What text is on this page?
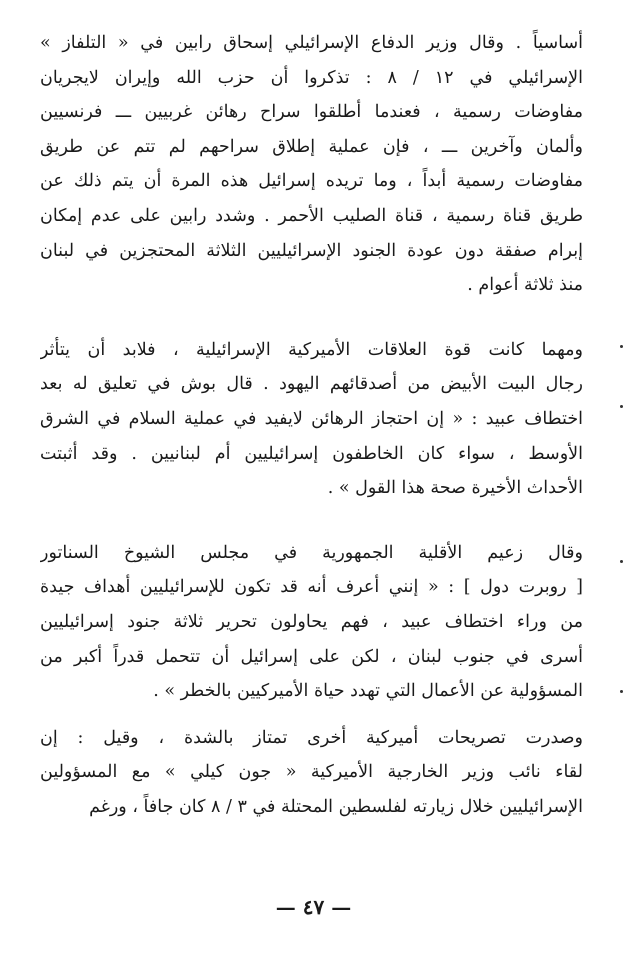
أساسياً . وقال وزير الدفاع الإسرائيلي إسحاق رابين في « التلفاز »
الإسرائيلي في ١٢ / ٨ : تذكروا أن حزب الله وإيران لايجريان
مفاوضات رسمية ، فعندما أطلقوا سراح رهائن غربيين ـــ فرنسيين
وألمان وآخرين ـــ ، فإن عملية إطلاق سراحهم لم تتم عن طريق
مفاوضات رسمية أبداً ، وما تريده إسرائيل هذه المرة أن يتم ذلك عن
طريق قناة رسمية ، قناة الصليب الأحمر . وشدد رابين على عدم إمكان
إبرام صفقة دون عودة الجنود الإسرائيليين الثلاثة المحتجزين في لبنان
منذ ثلاثة أعوام .
ومهما كانت قوة العلاقات الأميركية الإسرائيلية ، فلابد أن يتأثر
رجال البيت الأبيض من أصدقائهم اليهود . قال بوش في تعليق له بعد
اختطاف عبيد : « إن احتجاز الرهائن لايفيد في عملية السلام في الشرق
الأوسط ، سواء كان الخاطفون إسرائيليين أم لبنانيين . وقد أثبتت
الأحداث الأخيرة صحة هذا القول » .
وقال زعيم الأقلية الجمهورية في مجلس الشيوخ السناتور
[ روبرت دول ] : « إنني أعرف أنه قد تكون للإسرائيليين أهداف جيدة
من وراء اختطاف عبيد ، فهم يحاولون تحرير ثلاثة جنود إسرائيليين
أسرى في جنوب لبنان ، لكن على إسرائيل أن تتحمل قدراً أكبر من
المسؤولية عن الأعمال التي تهدد حياة الأميركيين بالخطر » .
وصدرت تصريحات أميركية أخرى تمتاز بالشدة ، وقيل : إن
لقاء نائب وزير الخارجية الأميركية « جون كيلي » مع المسؤولين
الإسرائيليين خلال زيارته لفلسطين المحتلة في ٣ / ٨ كان جافاً ، ورغم
— ٤٧ —
